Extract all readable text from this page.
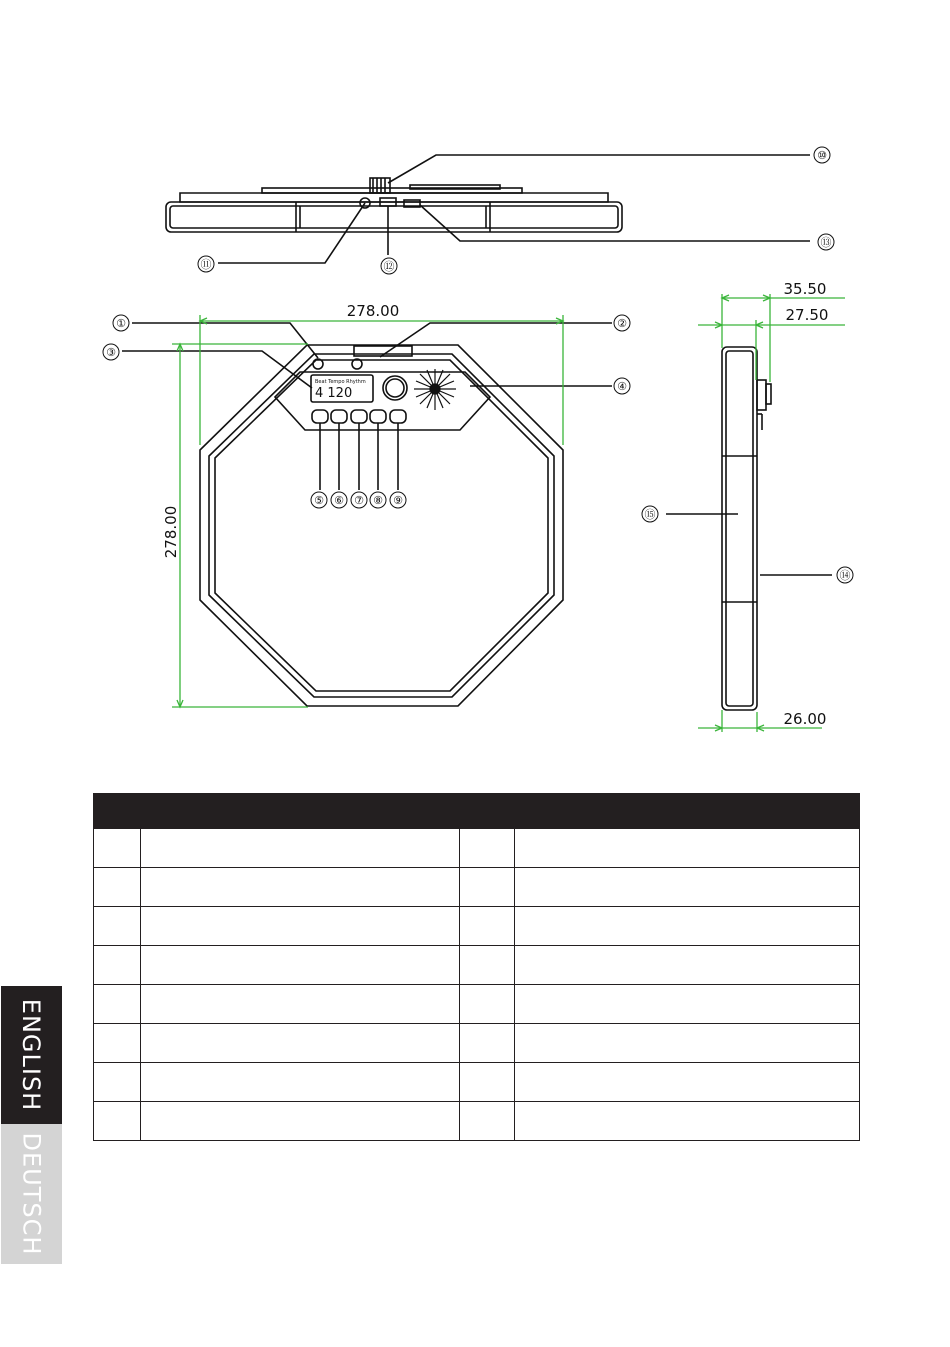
⑩
⑪	⑫
⑬
Beat Tempo Rhythm
4 120
278.00
278.00
①	②
③
④
⑤ ⑥ ⑦ ⑧ ⑨
35.50
27.50
26.00
⑮
⑭

ENGLISH
DEUTSCH
